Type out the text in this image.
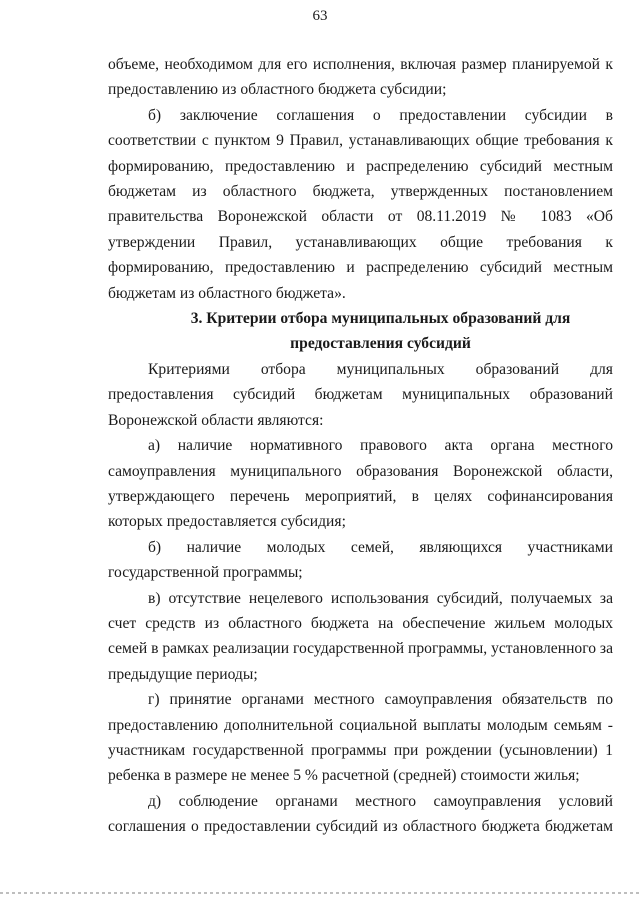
63

объеме, необходимом для его исполнения, включая размер планируемой к предоставлению из областного бюджета субсидии;

б) заключение соглашения о предоставлении субсидии в соответствии с пунктом 9 Правил, устанавливающих общие требования к формированию, предоставлению и распределению субсидий местным бюджетам из областного бюджета, утвержденных постановлением правительства Воронежской области от 08.11.2019 № 1083 «Об утверждении Правил, устанавливающих общие требования к формированию, предоставлению и распределению субсидий местным бюджетам из областного бюджета».

3. Критерии отбора муниципальных образований для

предоставления субсидий

Критериями отбора муниципальных образований для предоставления субсидий бюджетам муниципальных образований Воронежской области являются:

а) наличие нормативного правового акта органа местного самоуправления муниципального образования Воронежской области, утверждающего перечень мероприятий, в целях софинансирования которых предоставляется субсидия;

б) наличие молодых семей, являющихся участниками государственной программы;

в) отсутствие нецелевого использования субсидий, получаемых за счет средств из областного бюджета на обеспечение жильем молодых семей в рамках реализации государственной программы, установленного за предыдущие периоды;

г) принятие органами местного самоуправления обязательств по предоставлению дополнительной социальной выплаты молодым семьям - участникам государственной программы при рождении (усыновлении) 1 ребенка в размере не менее 5 % расчетной (средней) стоимости жилья;

д) соблюдение органами местного самоуправления условий соглашения о предоставлении субсидий из областного бюджета бюджетам
